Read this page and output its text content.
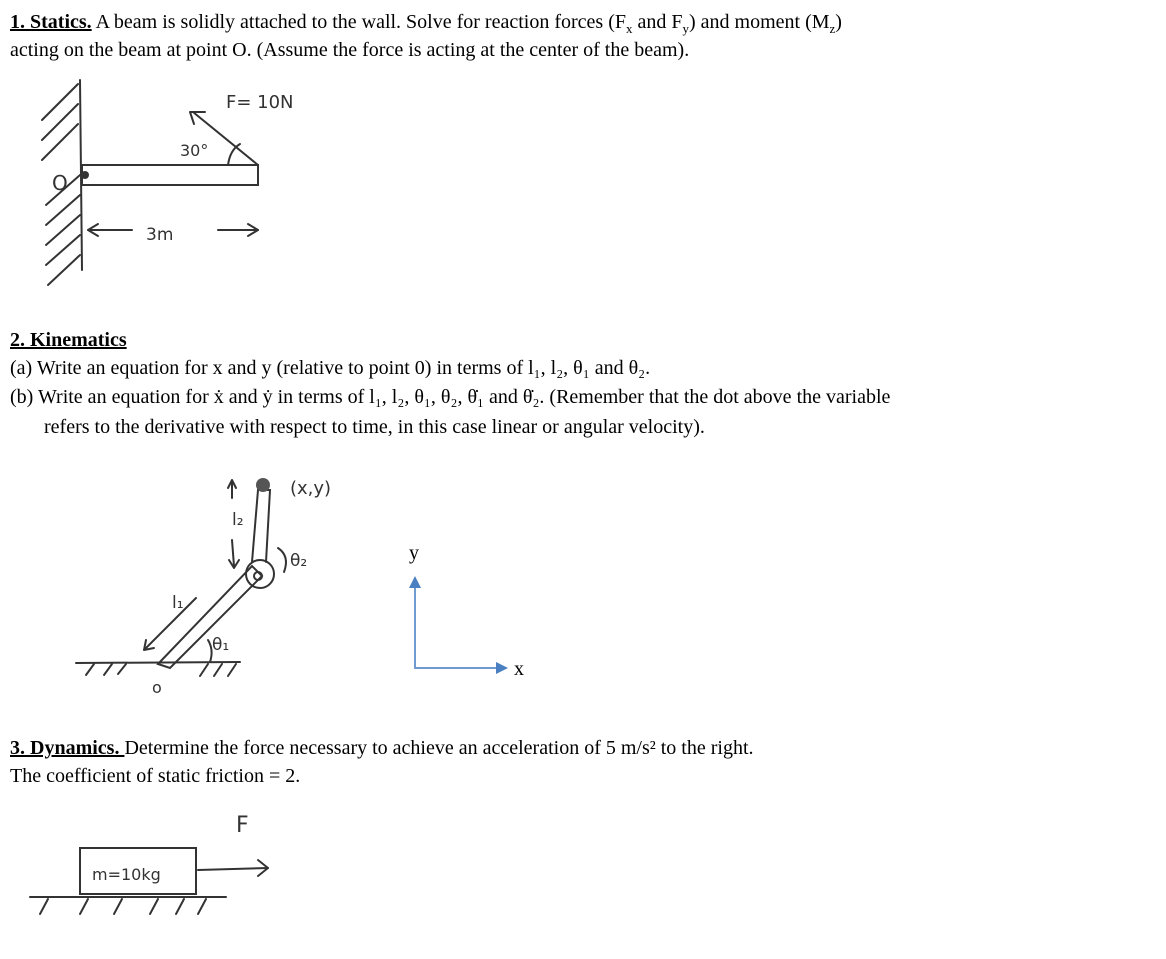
1. Statics. A beam is solidly attached to the wall. Solve for reaction forces ($F_x$ and $F_y$) and moment $(M_z)$
acting on the beam at point O. (Assume the force is acting at the center of the beam).
O
F= 10N
30°
3m
2. Kinematics
(a) Write an equation for x and y (relative to point 0) in terms of l₁, l₂, θ₁ and θ₂.
(b) Write an equation for ẋ and ẏ in terms of l₁, l₂, θ₁, θ₂, θ̇₁ and θ̇₂. (Remember that the dot above the variable
refers to the derivative with respect to time, in this case linear or angular velocity).
(x,y)
l₂
l₁
θ₁
θ₂
o
y
x
3. Dynamics. Determine the force necessary to achieve an acceleration of 5 m/s² to the right.
The coefficient of static friction = 2.
m=10kg
F
